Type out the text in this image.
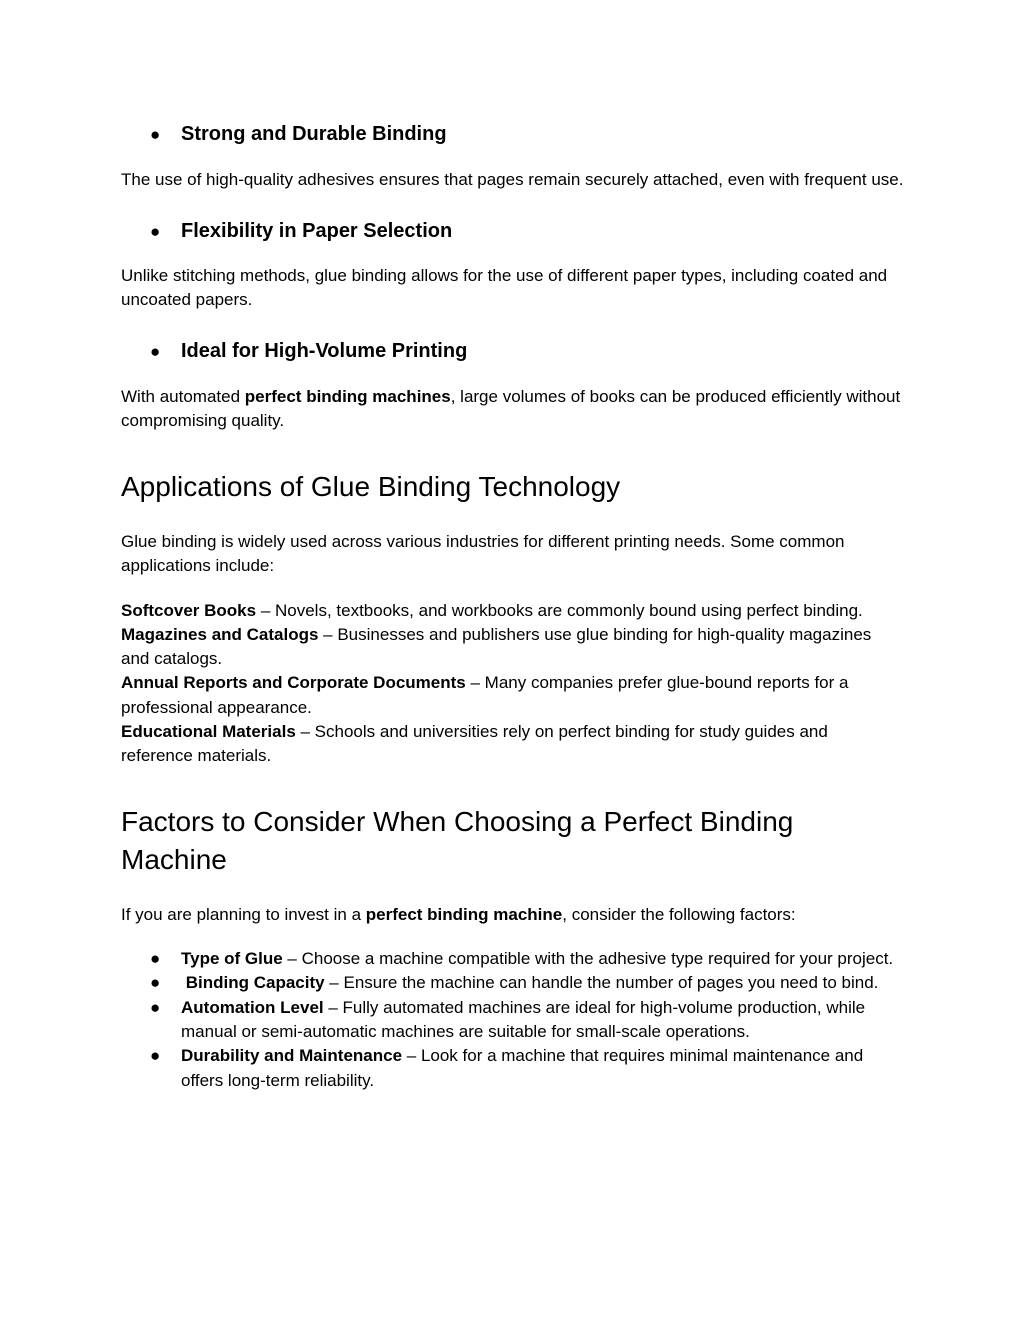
●	Strong and Durable Binding

The use of high-quality adhesives ensures that pages remain securely attached, even with frequent use.

●	Flexibility in Paper Selection

Unlike stitching methods, glue binding allows for the use of different paper types, including coated and uncoated papers.

●	Ideal for High-Volume Printing

With automated perfect binding machines, large volumes of books can be produced efficiently without compromising quality.

Applications of Glue Binding Technology

Glue binding is widely used across various industries for different printing needs. Some common applications include:

Softcover Books – Novels, textbooks, and workbooks are commonly bound using perfect binding.

Magazines and Catalogs – Businesses and publishers use glue binding for high-quality magazines and catalogs.

Annual Reports and Corporate Documents – Many companies prefer glue-bound reports for a professional appearance.

Educational Materials – Schools and universities rely on perfect binding for study guides and reference materials.

Factors to Consider When Choosing a Perfect Binding Machine

If you are planning to invest in a perfect binding machine, consider the following factors:

●	Type of Glue – Choose a machine compatible with the adhesive type required for your project.
●	Binding Capacity – Ensure the machine can handle the number of pages you need to bind.
●	Automation Level – Fully automated machines are ideal for high-volume production, while manual or semi-automatic machines are suitable for small-scale operations.
●	Durability and Maintenance – Look for a machine that requires minimal maintenance and offers long-term reliability.
